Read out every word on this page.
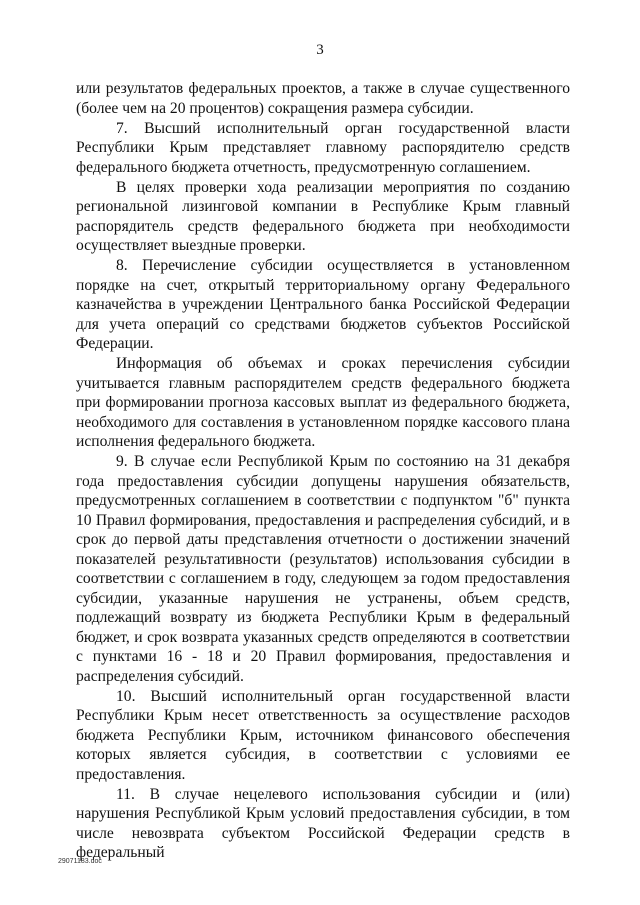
3

или результатов федеральных проектов, а также в случае существенного (более чем на 20 процентов) сокращения размера субсидии.

7. Высший исполнительный орган государственной власти Республики Крым представляет главному распорядителю средств федерального бюджета отчетность, предусмотренную соглашением.

В целях проверки хода реализации мероприятия по созданию региональной лизинговой компании в Республике Крым главный распорядитель средств федерального бюджета при необходимости осуществляет выездные проверки.

8. Перечисление субсидии осуществляется в установленном порядке на счет, открытый территориальному органу Федерального казначейства в учреждении Центрального банка Российской Федерации для учета операций со средствами бюджетов субъектов Российской Федерации.

Информация об объемах и сроках перечисления субсидии учитывается главным распорядителем средств федерального бюджета при формировании прогноза кассовых выплат из федерального бюджета, необходимого для составления в установленном порядке кассового плана исполнения федерального бюджета.

9. В случае если Республикой Крым по состоянию на 31 декабря года предоставления субсидии допущены нарушения обязательств, предусмотренных соглашением в соответствии с подпунктом "б" пункта 10 Правил формирования, предоставления и распределения субсидий, и в срок до первой даты представления отчетности о достижении значений показателей результативности (результатов) использования субсидии в соответствии с соглашением в году, следующем за годом предоставления субсидии, указанные нарушения не устранены, объем средств, подлежащий возврату из бюджета Республики Крым в федеральный бюджет, и срок возврата указанных средств определяются в соответствии с пунктами 16 - 18 и 20 Правил формирования, предоставления и распределения субсидий.

10. Высший исполнительный орган государственной власти Республики Крым несет ответственность за осуществление расходов бюджета Республики Крым, источником финансового обеспечения которых является субсидия, в соответствии с условиями ее предоставления.

11. В случае нецелевого использования субсидии и (или) нарушения Республикой Крым условий предоставления субсидии, в том числе невозврата субъектом Российской Федерации средств в федеральный

29071183.doc
